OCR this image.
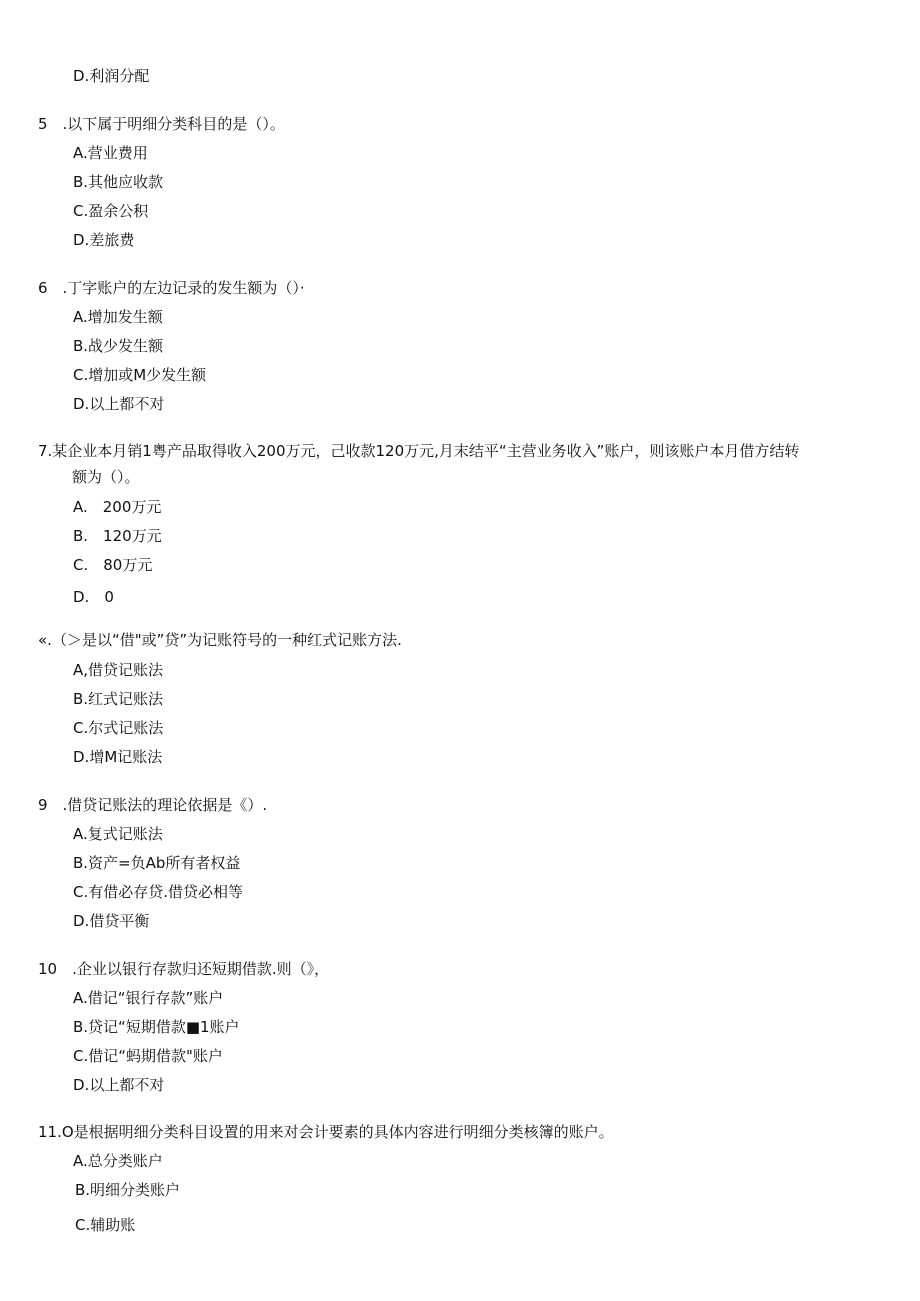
D.利润分配
5　.以下属于明细分类科目的是（）。
A.营业费用
B.其他应收款
C.盈余公积
D.差旅费
6　.丁字账户的左边记录的发生额为（）·
A.增加发生额
B.战少发生额
C.增加或M少发生额
D.以上都不对
7.某企业本月销1粤产品取得收入200万元，己收款120万元,月末结平“主营业务收入”账户，则该账户本月借方结转
额为（）。
A.　200万元
B.　120万元
C.　80万元
D.　0
«.（＞是以“借"或”贷”为记账符号的一种红式记账方法.
A,借贷记账法
B.红式记账法
C.尔式记账法
D.增M记账法
9　.借贷记账法的理论依据是《）.
A.复式记账法
B.资产=负Ab所有者权益
C.有借必存贷.借贷必相等
D.借贷平衡
10　.企业以银行存款归还短期借款.则（》，
A.借记“银行存款”账户
B.贷记“短期借款■1账户
C.借记“蚂期借款"账户
D.以上都不对
11.O是根据明细分类科目设置的用来对会计要素的具体内容进行明细分类核簿的账户。
A.总分类账户
B.明细分类账户
C.辅助账
